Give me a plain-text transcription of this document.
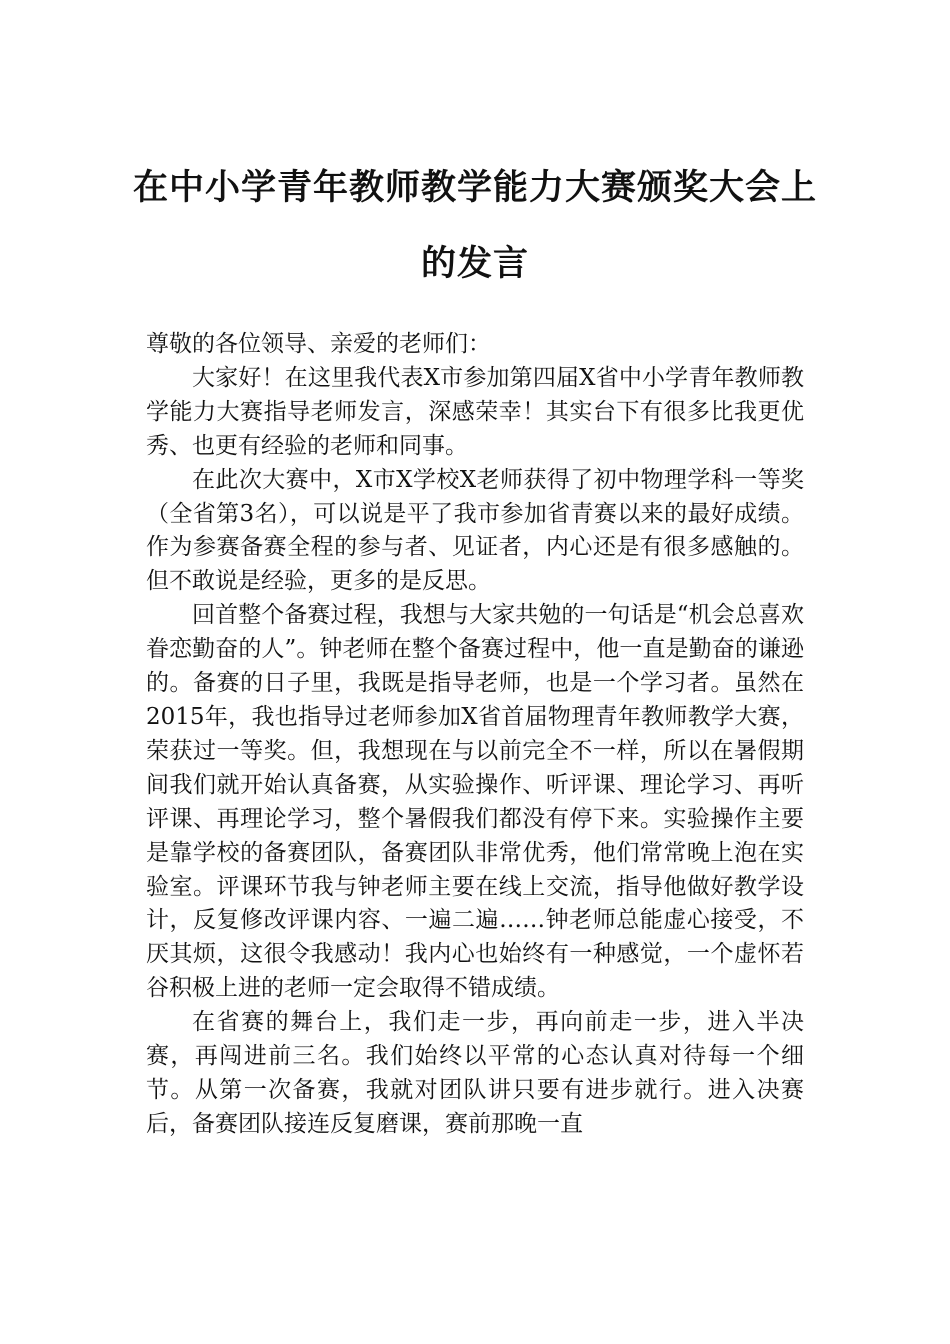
在中小学青年教师教学能力大赛颁奖大会上的发言

尊敬的各位领导、亲爱的老师们：

大家好！在这里我代表X市参加第四届X省中小学青年教师教学能力大赛指导老师发言，深感荣幸！其实台下有很多比我更优秀、也更有经验的老师和同事。

在此次大赛中，X市X学校X老师获得了初中物理学科一等奖（全省第3名），可以说是平了我市参加省青赛以来的最好成绩。作为参赛备赛全程的参与者、见证者，内心还是有很多感触的。但不敢说是经验，更多的是反思。

回首整个备赛过程，我想与大家共勉的一句话是“机会总喜欢眷恋勤奋的人”。钟老师在整个备赛过程中，他一直是勤奋的谦逊的。备赛的日子里，我既是指导老师，也是一个学习者。虽然在2015年，我也指导过老师参加X省首届物理青年教师教学大赛，荣获过一等奖。但，我想现在与以前完全不一样，所以在暑假期间我们就开始认真备赛，从实验操作、听评课、理论学习、再听评课、再理论学习，整个暑假我们都没有停下来。实验操作主要是靠学校的备赛团队，备赛团队非常优秀，他们常常晚上泡在实验室。评课环节我与钟老师主要在线上交流，指导他做好教学设计，反复修改评课内容、一遍二遍……钟老师总能虚心接受，不厌其烦，这很令我感动！我内心也始终有一种感觉，一个虚怀若谷积极上进的老师一定会取得不错成绩。

在省赛的舞台上，我们走一步，再向前走一步，进入半决赛，再闯进前三名。我们始终以平常的心态认真对待每一个细节。从第一次备赛，我就对团队讲只要有进步就行。进入决赛后，备赛团队接连反复磨课，赛前那晚一直
